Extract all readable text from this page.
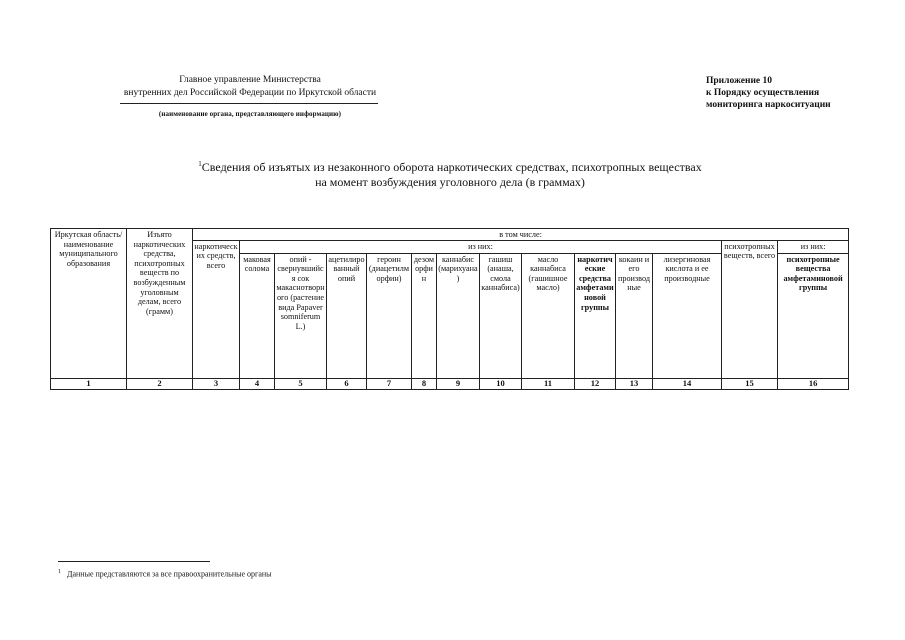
Главное управление Министерства
внутренних дел Российской Федерации по Иркутской области
(наименование органа, представляющего информацию)
Приложение 10
к Порядку осуществления
мониторинга наркоситуации
$^1$Сведения об изъятых из незаконного оборота наркотических средствах, психотропных веществах
на момент возбуждения уголовного дела (в граммах)
Иркутская область/ наименование муниципального образования	Изъято наркотических средства, психотропных веществ по возбужденным уголовным делам, всего (грамм)	в том числе:													
		наркотических средств, всего	из них:											психотропных веществ, всего	из них:
			маковая солома	опий - свернувшийся сок макаснотворного (растение вида Papaver somniferum L.)	ацетилированный опий	героин (диацетилморфин)	дезоморфин	каннабис (марихуана)	гашиш (анаша, смола каннабиса)	масло каннабиса (гашишное масло)	наркотические средства амфетаминовой группы	кокаин и его производные	лизергиновая кислота и ее производные		психотропные вещества амфетаминовой группы
1	2	3	4	5	6	7	8	9	10	11	12	13	14	15	16
$^1$ Данные представляются за все правоохранительные органы
